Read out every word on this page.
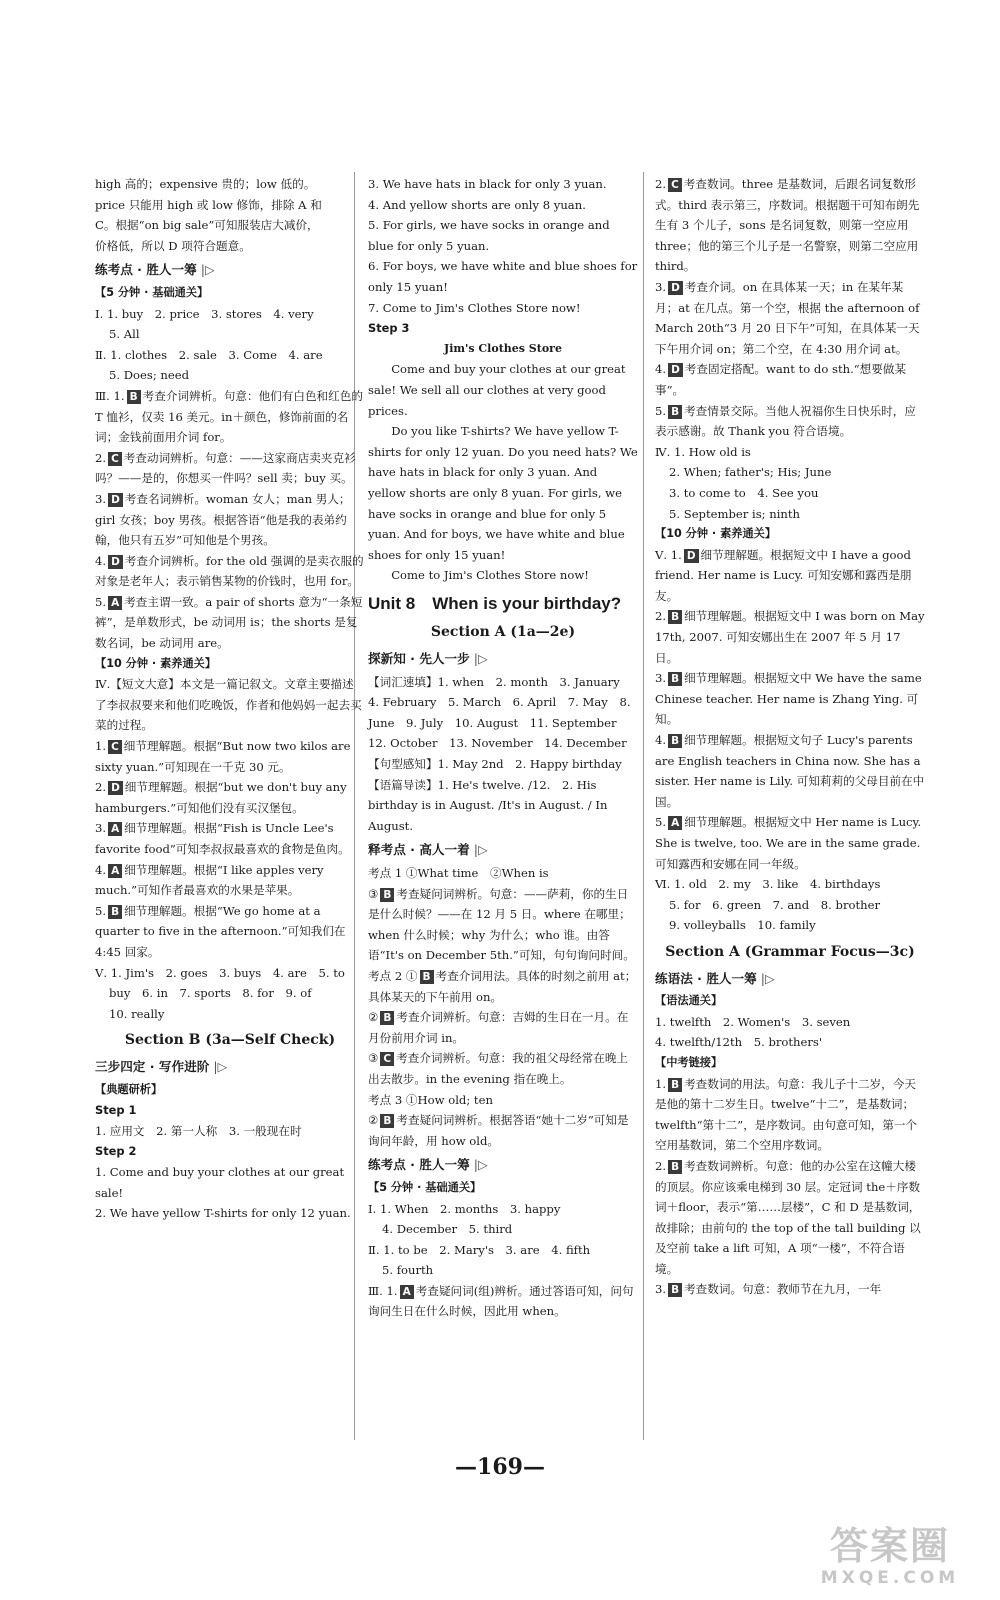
high 高的；expensive 贵的；low 低的。
price 只能用 high 或 low 修饰，排除 A 和
C。根据“on big sale”可知服装店大减价，
价格低，所以 D 项符合题意。
练考点 · 胜人一筹 |▷
【5 分钟 · 基础通关】
Ⅰ. 1. buy　2. price　3. stores　4. very
5. All
Ⅱ. 1. clothes　2. sale　3. Come　4. are
5. Does; need
Ⅲ. 1. B 考查介词辨析。句意：他们有白色和红色的 T 恤衫，仅卖 16 美元。in＋颜色，修饰前面的名词；金钱前面用介词 for。
2. C 考查动词辨析。句意：——这家商店卖夹克衫吗？——是的，你想买一件吗？sell 卖；buy 买。
3. D 考查名词辨析。woman 女人；man 男人；girl 女孩；boy 男孩。根据答语“他是我的表弟约翰，他只有五岁”可知他是个男孩。
4. D 考查介词辨析。for the old 强调的是卖衣服的对象是老年人；表示销售某物的价钱时，也用 for。
5. A 考查主谓一致。a pair of shorts 意为“一条短裤”，是单数形式，be 动词用 is；the shorts 是复数名词，be 动词用 are。
【10 分钟 · 素养通关】
Ⅳ.【短文大意】本文是一篇记叙文。文章主要描述了李叔叔要来和他们吃晚饭，作者和他妈妈一起去买菜的过程。
1. C 细节理解题。根据“But now two kilos are sixty yuan.”可知现在一千克 30 元。
2. D 细节理解题。根据“but we don't buy any hamburgers.”可知他们没有买汉堡包。
3. A 细节理解题。根据“Fish is Uncle Lee's favorite food”可知李叔叔最喜欢的食物是鱼肉。
4. A 细节理解题。根据“I like apples very much.”可知作者最喜欢的水果是苹果。
5. B 细节理解题。根据“We go home at a quarter to five in the afternoon.”可知我们在 4:45 回家。
Ⅴ. 1. Jim's　2. goes　3. buys　4. are　5. to
buy　6. in　7. sports　8. for　9. of
10. really
Section B (3a—Self Check)
三步四定 · 写作进阶 |▷
【典题研析】
Step 1
1. 应用文　2. 第一人称　3. 一般现在时
Step 2
1. Come and buy your clothes at our great sale!
2. We have yellow T-shirts for only 12 yuan.
3. We have hats in black for only 3 yuan.
4. And yellow shorts are only 8 yuan.
5. For girls, we have socks in orange and blue for only 5 yuan.
6. For boys, we have white and blue shoes for only 15 yuan!
7. Come to Jim's Clothes Store now!
Step 3
Jim's Clothes Store
　　Come and buy your clothes at our great sale! We sell all our clothes at very good prices.
　　Do you like T-shirts? We have yellow T-shirts for only 12 yuan. Do you need hats? We have hats in black for only 3 yuan. And yellow shorts are only 8 yuan. For girls, we have socks in orange and blue for only 5 yuan. And for boys, we have white and blue shoes for only 15 yuan!
　　Come to Jim's Clothes Store now!
Unit 8　When is your birthday?
Section A (1a—2e)
探新知 · 先人一步 |▷
【词汇速填】1. when　2. month　3. January　4. February　5. March　6. April　7. May　8. June　9. July　10. August　11. September　12. October　13. November　14. December
【句型感知】1. May 2nd　2. Happy birthday
【语篇导读】1. He's twelve. /12.　2. His birthday is in August. /It's in August. / In August.
释考点 · 高人一着 |▷
考点 1 ①What time　②When is
③ B 考查疑问词辨析。句意：——萨莉，你的生日是什么时候？——在 12 月 5 日。where 在哪里；when 什么时候；why 为什么；who 谁。由答语“It's on December 5th.”可知，句句询问时间。
考点 2 ① B 考查介词用法。具体的时刻之前用 at；具体某天的下午前用 on。
② B 考查介词辨析。句意：吉姆的生日在一月。在月份前用介词 in。
③ C 考查介词辨析。句意：我的祖父母经常在晚上出去散步。in the evening 指在晚上。
考点 3 ①How old; ten
② B 考查疑问词辨析。根据答语“她十二岁”可知是询问年龄，用 how old。
练考点 · 胜人一筹 |▷
【5 分钟 · 基础通关】
Ⅰ. 1. When　2. months　3. happy
4. December　5. third
Ⅱ. 1. to be　2. Mary's　3. are　4. fifth
5. fourth
Ⅲ. 1. A 考查疑问词(组)辨析。通过答语可知，问句询问生日在什么时候，因此用 when。
2. C 考查数词。three 是基数词，后跟名词复数形式。third 表示第三，序数词。根据题干可知布朗先生有 3 个儿子，sons 是名词复数，则第一空应用 three；他的第三个儿子是一名警察，则第二空应用 third。
3. D 考查介词。on 在具体某一天；in 在某年某月；at 在几点。第一个空，根据 the afternoon of March 20th“3 月 20 日下午”可知，在具体某一天下午用介词 on；第二个空，在 4:30 用介词 at。
4. D 考查固定搭配。want to do sth.“想要做某事”。
5. B 考查情景交际。当他人祝福你生日快乐时，应表示感谢。故 Thank you 符合语境。
Ⅳ. 1. How old is
2. When; father's; His; June
3. to come to　4. See you
5. September is; ninth
【10 分钟 · 素养通关】
Ⅴ. 1. D 细节理解题。根据短文中 I have a good friend. Her name is Lucy. 可知安娜和露西是朋友。
2. B 细节理解题。根据短文中 I was born on May 17th, 2007. 可知安娜出生在 2007 年 5 月 17 日。
3. B 细节理解题。根据短文中 We have the same Chinese teacher. Her name is Zhang Ying. 可知。
4. B 细节理解题。根据短文句子 Lucy's parents are English teachers in China now. She has a sister. Her name is Lily. 可知莉莉的父母目前在中国。
5. A 细节理解题。根据短文中 Her name is Lucy. She is twelve, too. We are in the same grade. 可知露西和安娜在同一年级。
Ⅵ. 1. old　2. my　3. like　4. birthdays
5. for　6. green　7. and　8. brother
9. volleyballs　10. family
Section A (Grammar Focus—3c)
练语法 · 胜人一筹 |▷
【语法通关】
1. twelfth　2. Women's　3. seven
4. twelfth/12th　5. brothers'
【中考链接】
1. B 考查数词的用法。句意：我儿子十二岁，今天是他的第十二岁生日。twelve“十二”，是基数词；twelfth“第十二”，是序数词。由句意可知，第一个空用基数词，第二个空用序数词。
2. B 考查数词辨析。句意：他的办公室在这幢大楼的顶层。你应该乘电梯到 30 层。定冠词 the＋序数词＋floor，表示“第……层楼”，C 和 D 是基数词，故排除；由前句的 the top of the tall building 以及空前 take a lift 可知，A 项“一楼”，不符合语境。
3. B 考查数词。句意：教师节在九月，一年
—169—
答案圈
MXQE.COM
